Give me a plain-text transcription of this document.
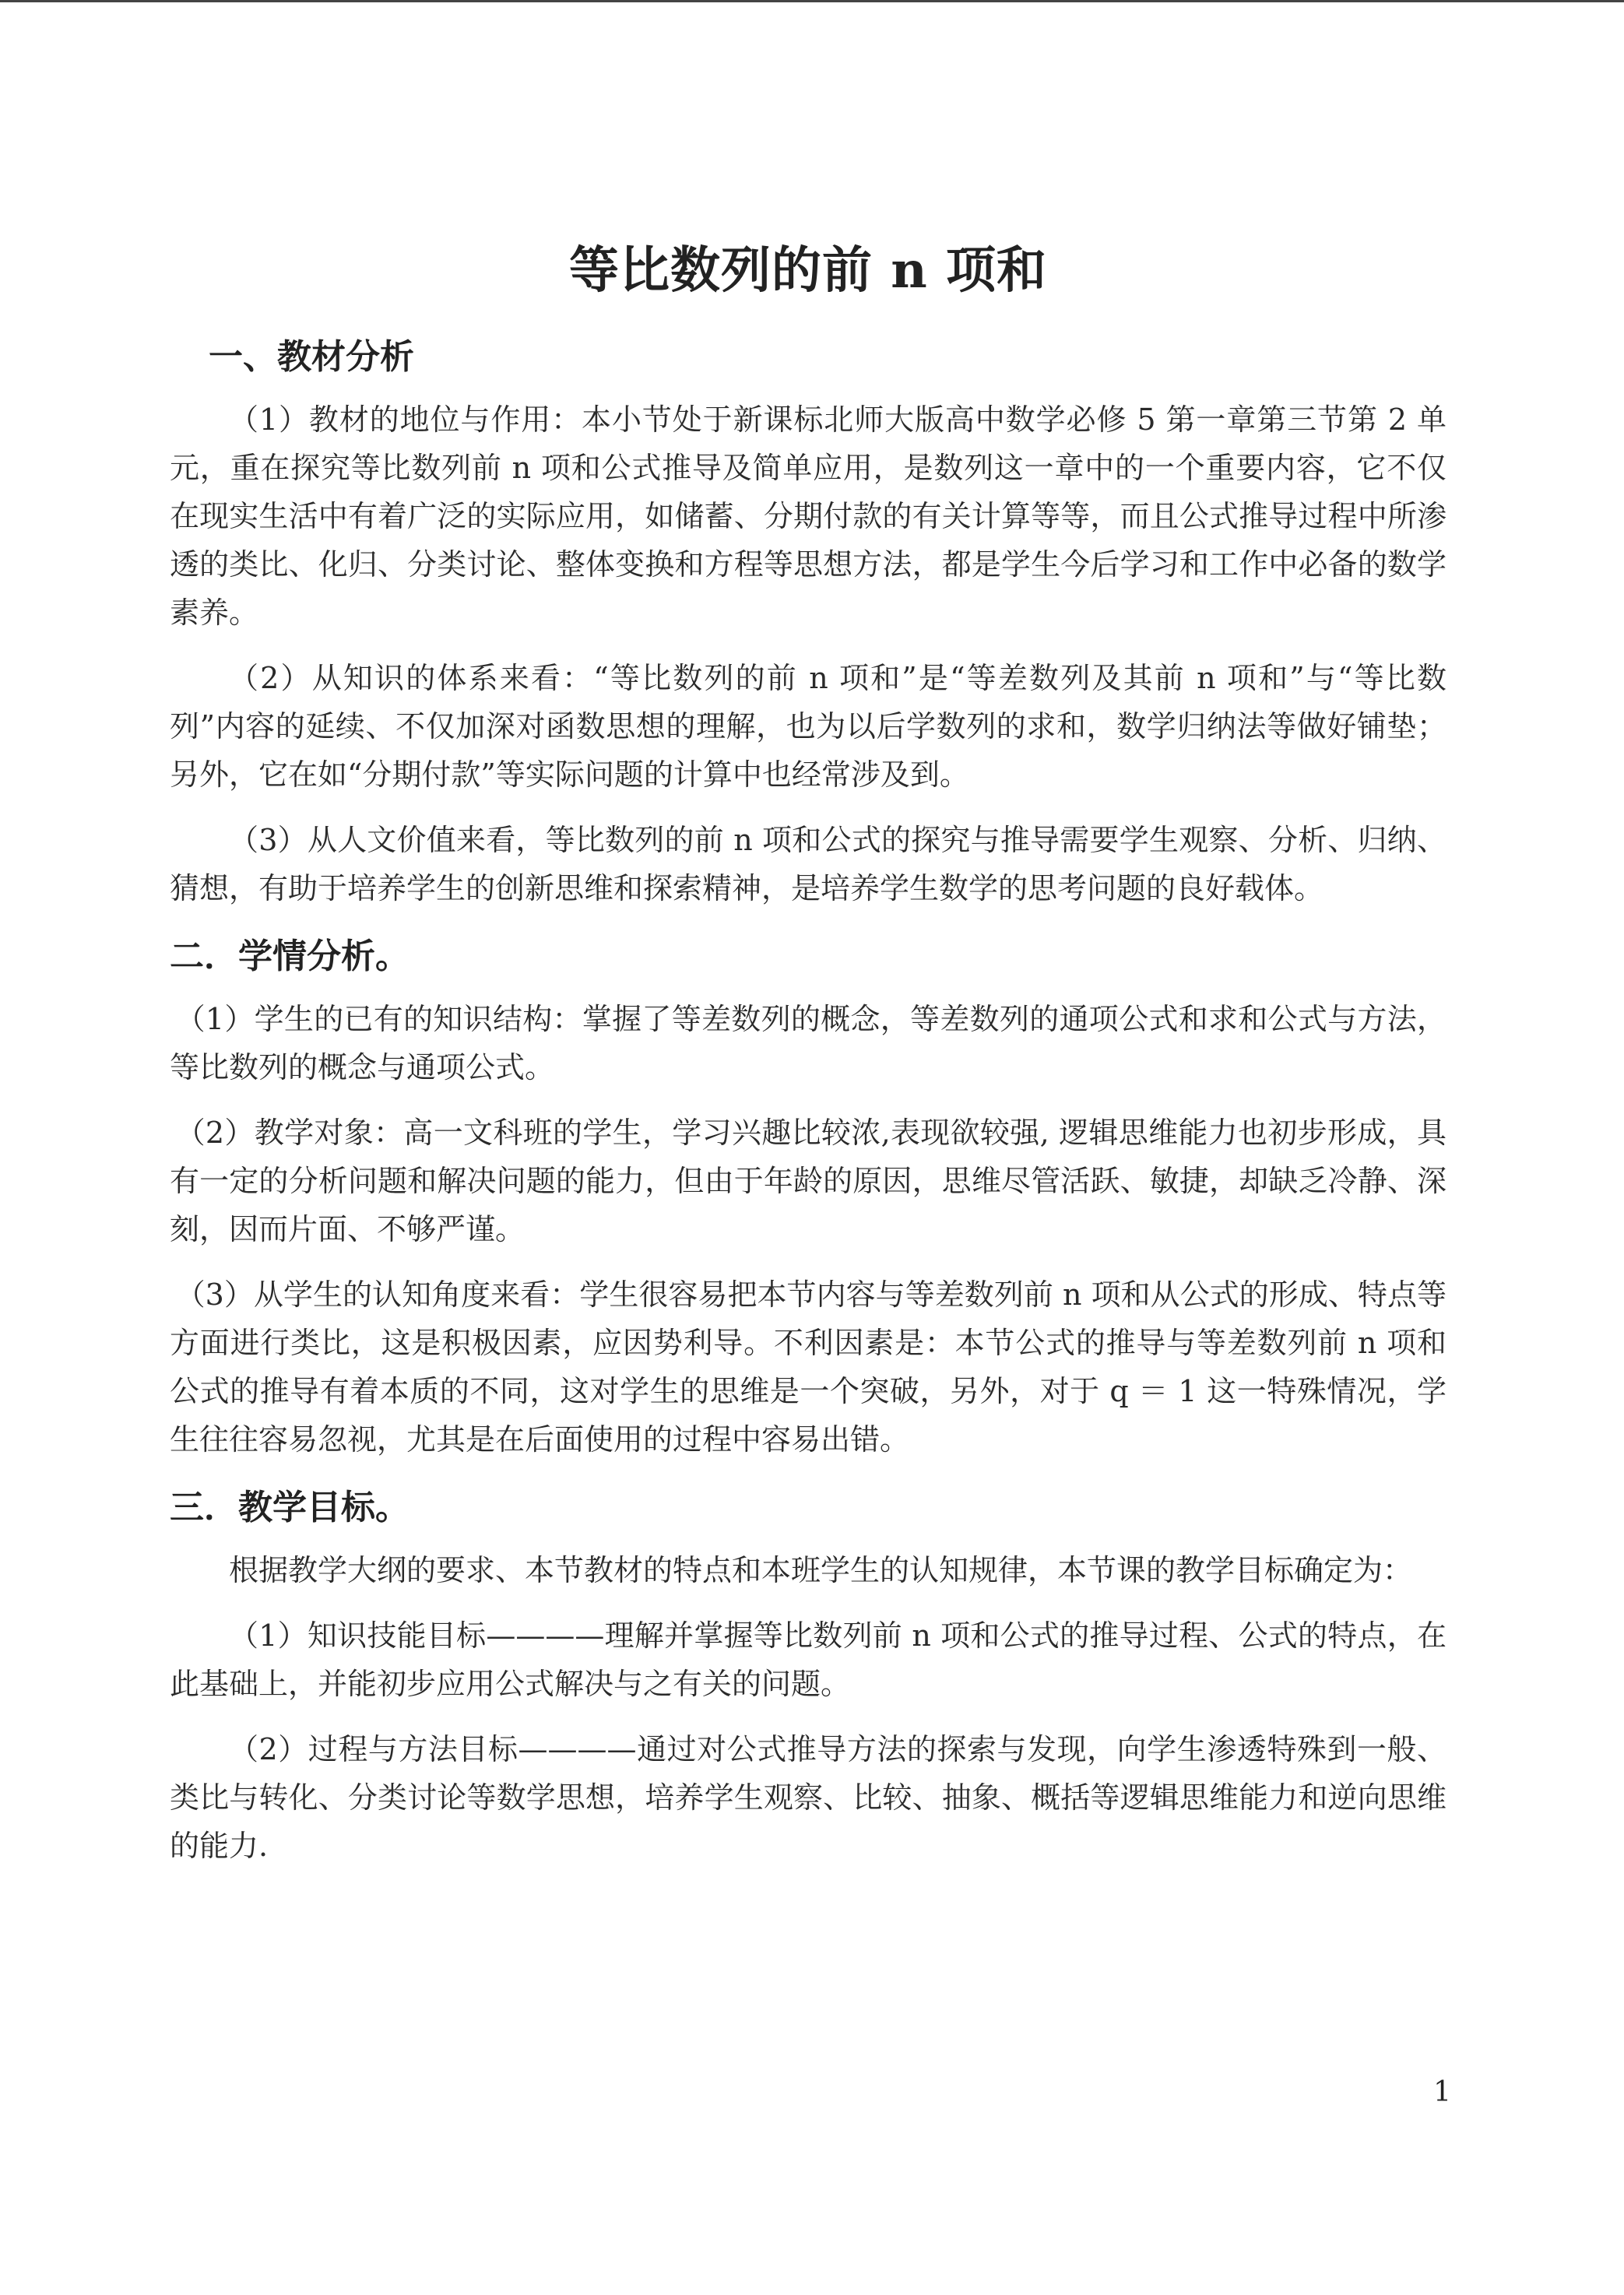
等比数列的前 n 项和
一、教材分析

（1）教材的地位与作用：本小节处于新课标北师大版高中数学必修 5 第一章第三节第 2 单元，重在探究等比数列前 n 项和公式推导及简单应用，是数列这一章中的一个重要内容，它不仅在现实生活中有着广泛的实际应用，如储蓄、分期付款的有关计算等等，而且公式推导过程中所渗透的类比、化归、分类讨论、整体变换和方程等思想方法，都是学生今后学习和工作中必备的数学素养。

（2）从知识的体系来看：“等比数列的前 n 项和”是“等差数列及其前 n 项和”与“等比数列”内容的延续、不仅加深对函数思想的理解，也为以后学数列的求和，数学归纳法等做好铺垫；另外，它在如“分期付款”等实际问题的计算中也经常涉及到。

（3）从人文价值来看，等比数列的前 n 项和公式的探究与推导需要学生观察、分析、归纳、猜想，有助于培养学生的创新思维和探索精神，是培养学生数学的思考问题的良好载体。

二．学情分析。

（1）学生的已有的知识结构：掌握了等差数列的概念，等差数列的通项公式和求和公式与方法，等比数列的概念与通项公式。

（2）教学对象：高一文科班的学生，学习兴趣比较浓,表现欲较强, 逻辑思维能力也初步形成，具有一定的分析问题和解决问题的能力，但由于年龄的原因，思维尽管活跃、敏捷，却缺乏冷静、深刻，因而片面、不够严谨。

（3）从学生的认知角度来看：学生很容易把本节内容与等差数列前 n 项和从公式的形成、特点等方面进行类比，这是积极因素，应因势利导。不利因素是：本节公式的推导与等差数列前 n 项和公式的推导有着本质的不同，这对学生的思维是一个突破，另外，对于 q ＝ 1 这一特殊情况，学生往往容易忽视，尤其是在后面使用的过程中容易出错。

三．教学目标。

根据教学大纲的要求、本节教材的特点和本班学生的认知规律，本节课的教学目标确定为：

（1）知识技能目标————理解并掌握等比数列前 n 项和公式的推导过程、公式的特点，在此基础上，并能初步应用公式解决与之有关的问题。

（2）过程与方法目标————通过对公式推导方法的探索与发现，向学生渗透特殊到一般、类比与转化、分类讨论等数学思想，培养学生观察、比较、抽象、概括等逻辑思维能力和逆向思维的能力.

1
